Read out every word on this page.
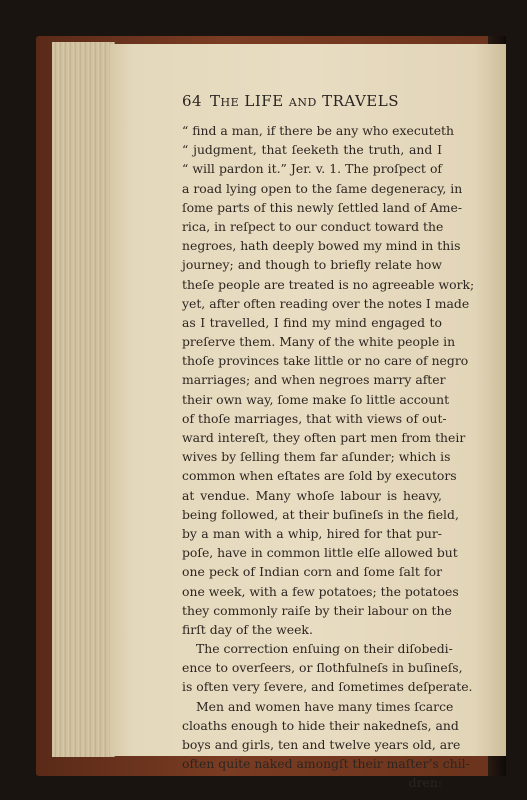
64 The LIFE and TRAVELS
“ find a man, if there be any who executeth
“ judgment, that ſeeketh the truth, and I
“ will pardon it.” Jer. v. 1. The proſpect of
a road lying open to the ſame degeneracy, in
ſome parts of this newly ſettled land of Ame-
rica, in reſpect to our conduct toward the
negroes, hath deeply bowed my mind in this
journey; and though to briefly relate how
theſe people are treated is no agreeable work;
yet, after often reading over the notes I made
as I travelled, I find my mind engaged to
preſerve them. Many of the white people in
thoſe provinces take little or no care of negro
marriages; and when negroes marry after
their own way, ſome make ſo little account
of thoſe marriages, that with views of out-
ward intereſt, they often part men from their
wives by ſelling them far aſunder; which is
common when eſtates are ſold by executors
at vendue. Many whoſe labour is heavy,
being followed, at their buſineſs in the field,
by a man with a whip, hired for that pur-
poſe, have in common little elſe allowed but
one peck of Indian corn and ſome ſalt for
one week, with a few potatoes; the potatoes
they commonly raiſe by their labour on the
firſt day of the week.
The correction enſuing on their diſobedi-
ence to overſeers, or ſlothfulneſs in buſineſs,
is often very ſevere, and ſometimes deſperate.
Men and women have many times ſcarce
cloaths enough to hide their nakedneſs, and
boys and girls, ten and twelve years old, are
often quite naked amongſt their maſter’s chil-
dren:
